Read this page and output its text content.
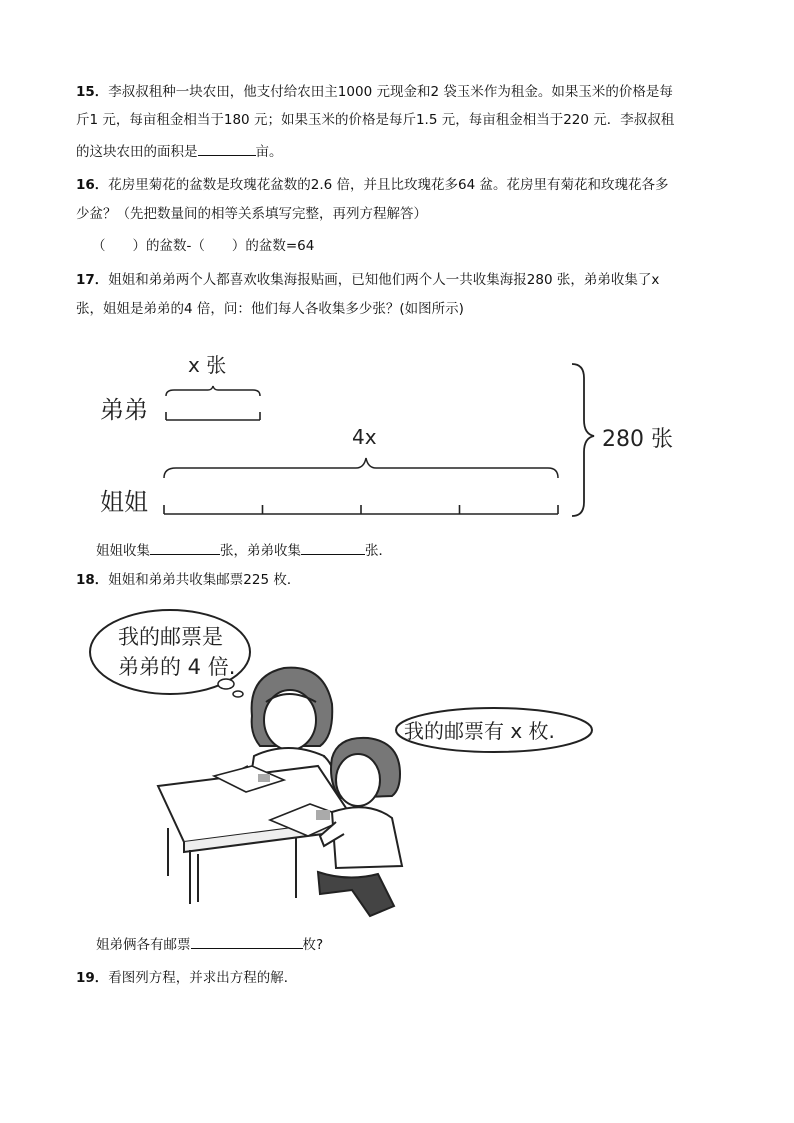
15．李叔叔租种一块农田，他支付给农田主1000 元现金和2 袋玉米作为租金。如果玉米的价格是每
斤1 元，每亩租金相当于180 元；如果玉米的价格是每斤1.5 元，每亩租金相当于220 元．李叔叔租
的这块农田的面积是	亩。
16．花房里菊花的盆数是玫瑰花盆数的2.6 倍，并且比玫瑰花多64 盆。花房里有菊花和玫瑰花各多
少盆？（先把数量间的相等关系填写完整，再列方程解答）
（　　）的盆数-（　　）的盆数=64
17．姐姐和弟弟两个人都喜欢收集海报贴画，已知他们两个人一共收集海报280 张，弟弟收集了x
张，姐姐是弟弟的4 倍，问：他们每人各收集多少张？(如图所示)
弟弟
x 张
4x
姐姐
280 张
姐姐收集	张，弟弟收集	张．
18．姐姐和弟弟共收集邮票225 枚．
我的邮票是
弟弟的 4 倍.
我的邮票有 x 枚.
姐弟俩各有邮票	枚?
19．看图列方程，并求出方程的解．
